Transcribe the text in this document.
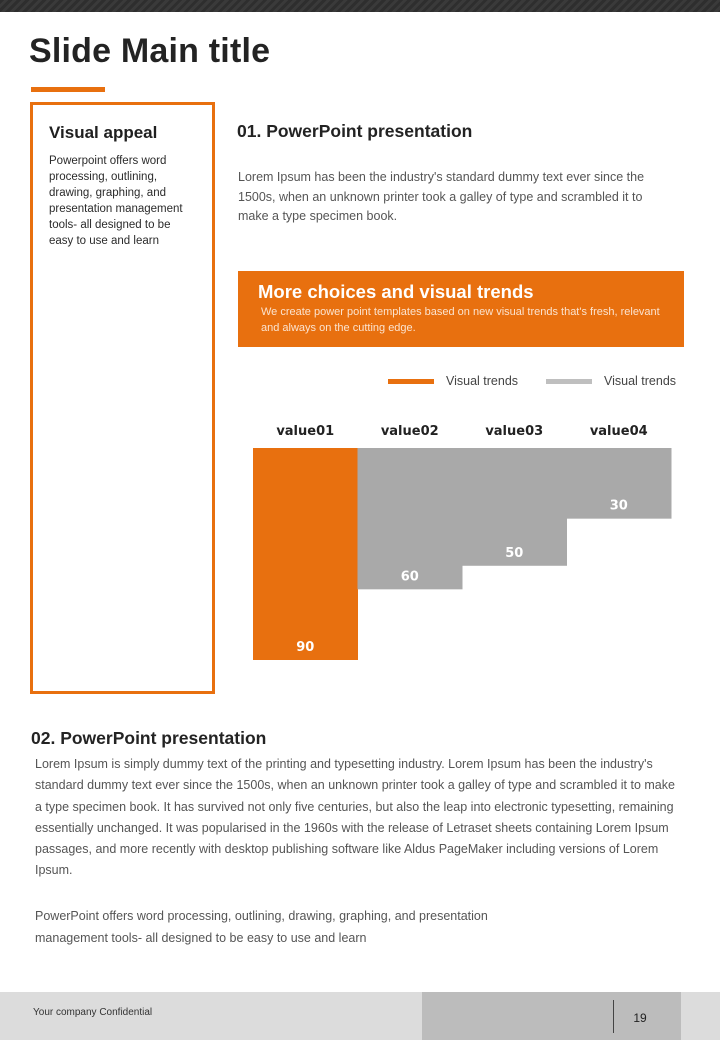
Slide Main title
Visual appeal

Powerpoint offers word processing, outlining, drawing, graphing, and presentation management tools- all designed to be easy to use and learn

01. PowerPoint presentation

Lorem Ipsum has been the industry's standard dummy text ever since the 1500s, when an unknown printer took a galley of type and scrambled it to make a type specimen book.

More choices and visual trends

We create power point templates based on new visual trends that's fresh, relevant and always on the cutting edge.

Visual trends	Visual trends
value01
90
value02
60
value03
50
value04
30
02. PowerPoint presentation

Lorem Ipsum is simply dummy text of the printing and typesetting industry. Lorem Ipsum has been the industry's standard dummy text ever since the 1500s, when an unknown printer took a galley of type and scrambled it to make a type specimen book. It has survived not only five centuries, but also the leap into electronic typesetting, remaining essentially unchanged. It was popularised in the 1960s with the release of Letraset sheets containing Lorem Ipsum passages, and more recently with desktop publishing software like Aldus PageMaker including versions of Lorem Ipsum.

PowerPoint offers word processing, outlining, drawing, graphing, and presentation management tools- all designed to be easy to use and learn

Your company Confidential	19
